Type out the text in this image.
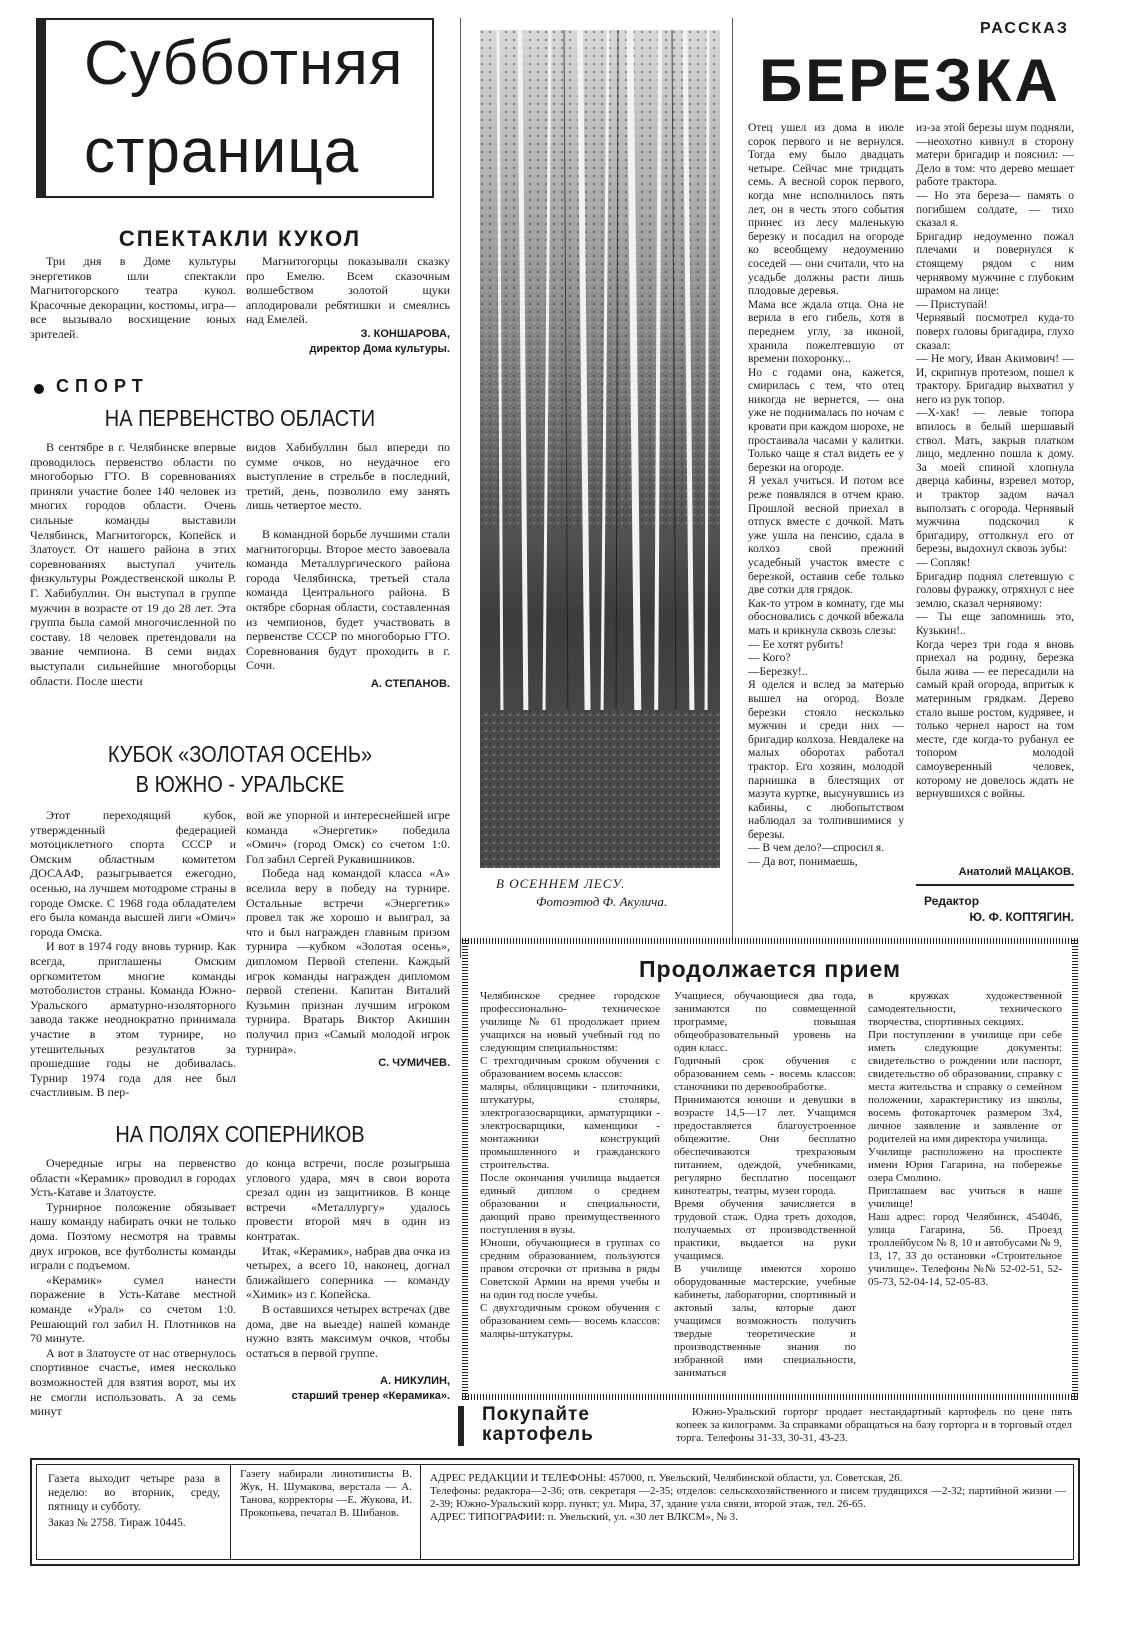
Субботняя
страница
СПЕКТАКЛИ КУКОЛ

Три дня в Доме культуры энергетиков шли спектакли Магнитогорского театра кукол. Красочные декорации, костюмы, игра— все вызывало восхищение юных зрителей.

Магнитогорцы показывали сказку про Емелю. Всем сказочным волшебством золотой щуки аплодировали ребятишки и смеялись над Емелей.

З. КОНШАРОВА,

директор Дома культуры.

СПОРТ
НА ПЕРВЕНСТВО ОБЛАСТИ

В сентябре в г. Челябинске впервые проводилось первенство области по многоборью ГТО. В соревнованиях приняли участие более 140 человек из многих городов области. Очень сильные команды выставили Челябинск, Магнитогорск, Копейск и Златоуст. От нашего района в этих соревнованиях выступал учитель физкультуры Рождественской школы Р. Г. Хабибуллин. Он выступал в группе мужчин в возрасте от 19 до 28 лет. Эта группа была самой многочисленной по составу. 18 человек претендовали на звание чемпиона. В семи видах выступали сильнейшие многоборцы области. После шести

видов Хабибуллин был впереди по сумме очков, но неудачное его выступление в стрельбе в последний, третий, день, позволило ему занять лишь четвертое место.

В командной борьбе лучшими стали магнитогорцы. Второе место завоевала команда Металлургического района города Челябинска, третьей стала команда Центрального района. В октябре сборная области, составленная из чемпионов, будет участвовать в первенстве СССР по многоборью ГТО. Соревнования будут проходить в г. Сочи.

А. СТЕПАНОВ.

КУБОК «ЗОЛОТАЯ ОСЕНЬ»
В ЮЖНО - УРАЛЬСКЕ

Этот переходящий кубок, утвержденный федерацией мотоциклетного спорта СССР и Омским областным комитетом ДОСААФ, разыгрывается ежегодно, осенью, на лучшем мотодроме страны в городе Омске. С 1968 года обладателем его была команда высшей лиги «Омич» города Омска.

И вот в 1974 году вновь турнир. Как всегда, приглашены Омским оргкомитетом многие команды мотоболистов страны. Команда Южно-Уральского арматурно-изоляторного завода также неоднократно принимала участие в этом турнире, но утешительных результатов за прошедшие годы не добивалась. Турнир 1974 года для нее был счастливым. В пер-

вой же упорной и интереснейшей игре команда «Энергетик» победила «Омич» (город Омск) со счетом 1:0. Гол забил Сергей Рукавишников.

Победа над командой класса «А» вселила веру в победу на турнире. Остальные встречи «Энергетик» провел так же хорошо и выиграл, за что и был награжден главным призом турнира —кубком «Золотая осень», дипломом Первой степени. Каждый игрок команды награжден дипломом первой степени. Капитан Виталий Кузьмин признан лучшим игроком турнира. Вратарь Виктор Акишин получил приз «Самый молодой игрок турнира».

С. ЧУМИЧЕВ.

НА ПОЛЯХ СОПЕРНИКОВ

Очередные игры на первенство области «Керамик» проводил в городах Усть-Катаве и Златоусте.

Турнирное положение обязывает нашу команду набирать очки не только дома. Поэтому несмотря на травмы двух игроков, все футболисты команды играли с подъемом.

«Керамик» сумел нанести поражение в Усть-Катаве местной команде «Урал» со счетом 1:0. Решающий гол забил Н. Плотников на 70 минуте.

А вот в Златоусте от нас отвернулось спортивное счастье, имея несколько возможностей для взятия ворот, мы их не смогли использовать. А за семь минут

до конца встречи, после розыгрыша углового удара, мяч в свои ворота срезал один из защитников. В конце встречи «Металлургу» удалось провести второй мяч в один из контратак.

Итак, «Керамик», набрав два очка из четырех, а всего 10, наконец, догнал ближайшего соперника — команду «Химик» из г. Копейска.

В оставшихся четырех встречах (две дома, две на выезде) нашей команде нужно взять максимум очков, чтобы остаться в первой группе.

А. НИКУЛИН,

старший тренер «Керамика».

В ОСЕННЕМ ЛЕСУ.
Фотоэтюд Ф. Акулича.
РАССКАЗ
БЕРЕЗКА
Отец ушел из дома в июле сорок первого и не вернулся. Тогда ему было двадцать четыре. Сейчас мне тридцать семь. А весной сорок первого, когда мне исполнилось пять лет, он в честь этого события принес из лесу маленькую березку и посадил на огороде ко всеобщему недоумению соседей — они считали, что на усадьбе должны расти лишь плодовые деревья.
Мама все ждала отца. Она не верила в его гибель, хотя в переднем углу, за иконой, хранила пожелтевшую от времени похоронку...
Но с годами она, кажется, смирилась с тем, что отец никогда не вернется, — она уже не поднималась по ночам с кровати при каждом шорохе, не простаивала часами у калитки. Только чаще я стал видеть ее у березки на огороде.
Я уехал учиться. И потом все реже появлялся в отчем краю. Прошлой весной приехал в отпуск вместе с дочкой. Мать уже ушла на пенсию, сдала в колхоз свой прежний усадебный участок вместе с березкой, оставив себе только две сотки для грядок.
Как-то утром в комнату, где мы обосновались с дочкой вбежала мать и крикнула сквозь слезы:
— Ее хотят рубить!
— Кого?
—Березку!..
Я оделся и вслед за матерью вышел на огород. Возле березки стояло несколько мужчин и среди них — бригадир колхоза. Невдалеке на малых оборотах работал трактор. Его хозяин, молодой парнишка в блестящих от мазута куртке, высунувшись из кабины, с любопытством наблюдал за толпившимися у березы.
— В чем дело?—спросил я.
— Да вот, понимаешь,
из-за этой березы шум подняли,—неохотно кивнул в сторону матери бригадир и пояснил: — Дело в том: что дерево мешает работе трактора.
— Но эта береза— память о погибшем солдате, — тихо сказал я.
Бригадир недоуменно пожал плечами и повернулся к стоящему рядом с ним чернявому мужчине с глубоким шрамом на лице:
— Приступай!
Чернявый посмотрел куда-то поверх головы бригадира, глухо сказал:
— Не могу, Иван Акимович! — И, скрипнув протезом, пошел к трактору. Бригадир выхватил у него из рук топор.
—Х-хак! — левые топора впилось в белый шершавый ствол. Мать, закрыв платком лицо, медленно пошла к дому. За моей спиной хлопнула дверца кабины, взревел мотор, и трактор задом начал выползать с огорода. Чернявый мужчина подскочил к бригадиру, оттолкнул его от березы, выдохнул сквозь зубы:
— Сопляк!
Бригадир поднял слетевшую с головы фуражку, отряхнул с нее землю, сказал чернявому:
— Ты еще запомнишь это, Кузькин!..
Когда через три года я вновь приехал на родину, березка была жива — ее пересадили на самый край огорода, впритык к материным грядкам. Дерево стало выше ростом, кудрявее, и только чернел нарост на том месте, где когда-то рубанул ее топором молодой самоуверенный человек, которому не довелось ждать не вернувшихся с войны.
Анатолий МАЦАКОВ.
Редактор
Ю. Ф. КОПТЯГИН.
Продолжается прием
Челябинское среднее городское профессионально- техническое училище № 61 продолжает прием учащихся на новый учебный год по следующим специальностям:
С трехгодичным сроком обучения с образованием восемь классов:
маляры, облицовщики - плиточники, штукатуры, столяры, электрогазосварщики, арматурщики - электросварщики, каменщики - монтажники конструкций промышленного и гражданского строительства.
После окончания училища выдается единый диплом о среднем образовании и специальности, дающий право преимущественного поступления в вузы.
Юноши, обучающиеся в группах со средним образованием, пользуются правом отсрочки от призыва в ряды Советской Армии на время учебы и на один год после учебы.
С двухгодичным сроком обучения с образованием семь— восемь классов: маляры-штукатуры.
Учащиеся, обучающиеся два года, занимаются по совмещенной программе, повышая общеобразовательный уровень на один класс.
Годичный срок обучения с образованием семь - восемь классов: станочники по деревообработке.
Принимаются юноши и девушки в возрасте 14,5—17 лет. Учащимся предоставляется благоустроенное общежитие. Они бесплатно обеспечиваются трехразовым питанием, одеждой, учебниками, регулярно бесплатно посещают кинотеатры, театры, музеи города.
Время обучения зачисляется в трудовой стаж. Одна треть доходов, получаемых от производственной практики, выдается на руки учащимся.
В училище имеются хорошо оборудованные мастерские, учебные кабинеты, лаборатории, спортивный и актовый залы, которые дают учащимся возможность получить твердые теоретические и производственные знания по избранной ими специальности, заниматься
в кружках художественной самодеятельности, технического творчества, спортивных секциях.
При поступлении в училище при себе иметь следующие документы: свидетельство о рождении или паспорт, свидетельство об образовании, справку с места жительства и справку о семейном положении, характеристику из школы, восемь фотокарточек размером 3х4, личное заявление и заявление от родителей на имя директора училища.
Училище расположено на проспекте имени Юрия Гагарина, на побережье озера Смолино.
Приглашаем вас учиться в наше училище!
Наш адрес: город Челябинск, 454046, улица Гагарина, 56. Проезд троллейбусом № 8, 10 и автобусами № 9, 13, 17, 33 до остановки «Строительное училище». Телефоны №№ 52-02-51, 52-05-73, 52-04-14, 52-05-83.
Покупайте
картофель

Южно-Уральский горторг продает нестандартный картофель по цене пять копеек за килограмм. За справками обращаться на базу горторга и в торговый отдел торга. Телефоны 31-33, 30-31, 43-23.

Газета выходит четыре раза в неделю: во вторник, среду, пятницу и субботу.
Заказ № 2758. Тираж 10445.
Газету набирали линотиписты В. Жук, Н. Шумакова, верстала — А. Танова, корректоры —Е. Жукова, И. Прокопьева, печатал В. Шибанов.
АДРЕС РЕДАКЦИИ И ТЕЛЕФОНЫ: 457000, п. Увельский, Челябинской области, ул. Советская, 26.
Телефоны: редактора—2-36; отв. секретаря —2-35; отделов: сельскохозяйственного и писем трудящихся —2-32; партийной жизни — 2-39; Южно-Уральский корр. пункт; ул. Мира, 37, здание узла связи, второй этаж, тел. 26-65.
АДРЕС ТИПОГРАФИИ: п. Увельский, ул. «30 лет ВЛКСМ», № 3.
